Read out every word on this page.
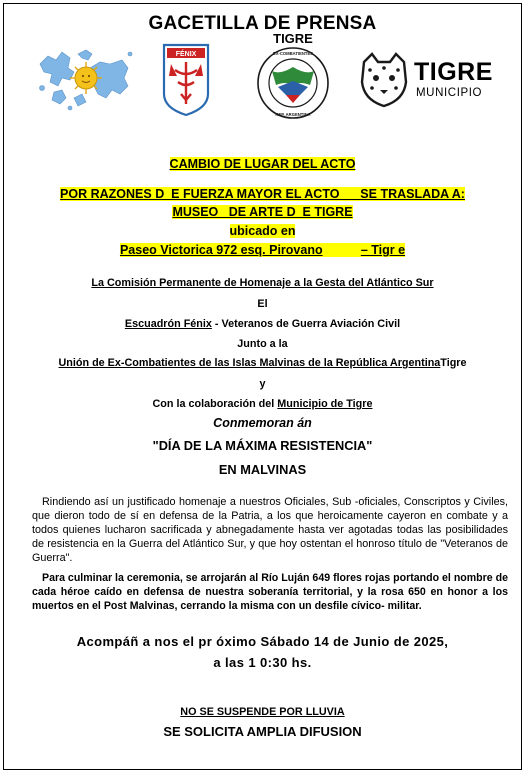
GACETILLA DE PRENSA
FÉNIX
TIGRE
EX-COMBATIENTES
REP. ARGENTINA
TIGRE
MUNICIPIO
CAMBIO DE LUGAR DEL ACTO
POR RAZONES D  E FUERZA MAYOR EL ACTO      SE TRASLADA A:
MUSEO   DE ARTE D  E TIGRE
ubicado en
Paseo Victorica 972 esq. Pirovano	– Tigr e
La Comisión Permanente de Homenaje a la Gesta del Atlántico Sur
El
Escuadrón Fénix - Veteranos de Guerra Aviación Civil
Junto a la
Unión de Ex-Combatientes de las Islas Malvinas de la República ArgentinaTigre
y
Con la colaboración del Municipio de Tigre
Conmemoran án
"DÍA DE LA MÁXIMA RESISTENCIA"
EN MALVINAS
Rindiendo así un justificado homenaje a nuestros Oficiales, Sub -oficiales, Conscriptos y Civiles, que dieron todo de sí en defensa de la Patria, a los que heroicamente cayeron en combate y a todos quienes lucharon sacrificada y abnegadamente hasta ver agotadas todas las posibilidades de resistencia en la Guerra del Atlántico Sur, y que hoy ostentan el honroso título de "Veteranos de Guerra".
Para culminar la ceremonia, se arrojarán al Río Luján 649 flores rojas portando el nombre de cada héroe caído en defensa de nuestra soberanía territorial, y la rosa 650 en honor a los muertos en el Post Malvinas, cerrando la misma con un desfile cívico- militar.
Acompáñ a nos el pr óximo Sábado 14 de Junio de 2025,
a las 1 0:30 hs.
NO SE SUSPENDE POR LLUVIA
SE SOLICITA AMPLIA DIFUSION
